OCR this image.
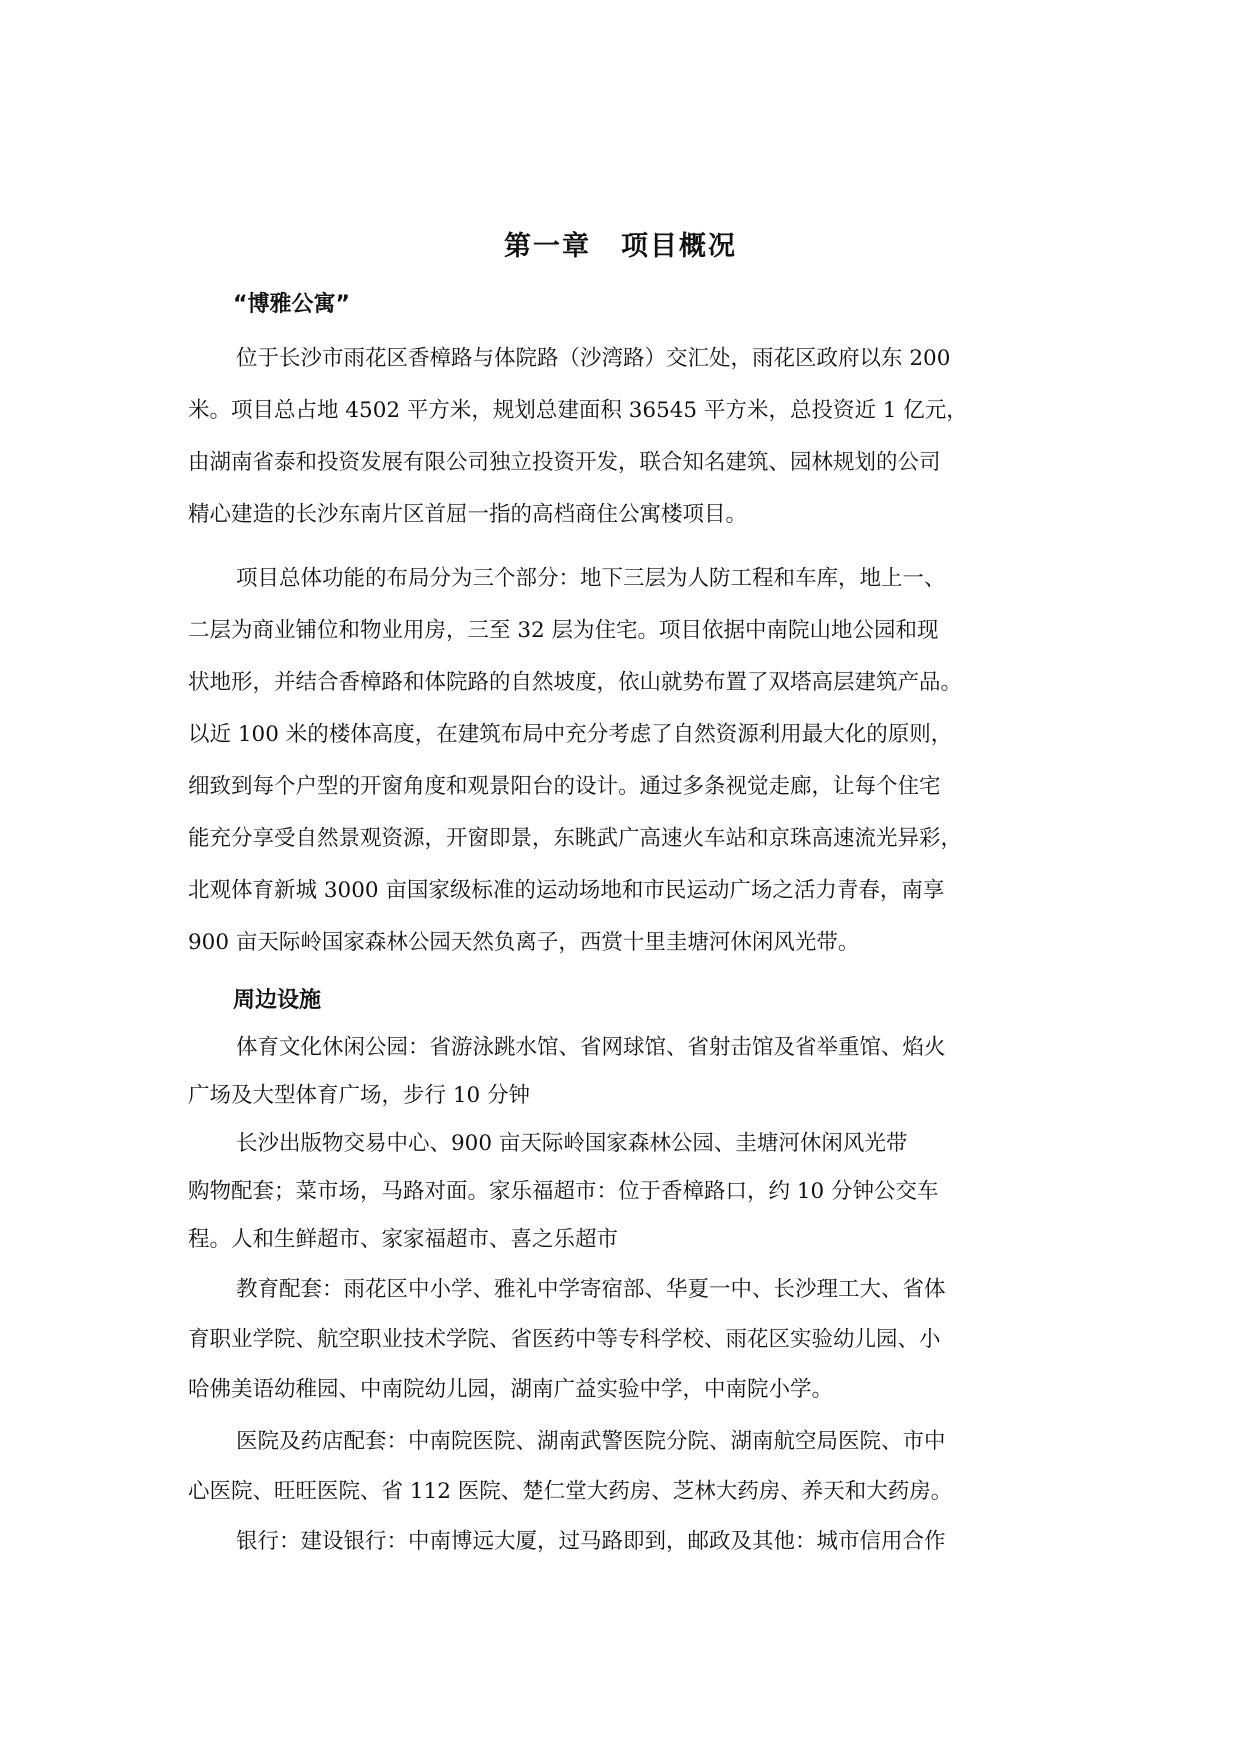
第一章 项目概况
“博雅公寓”

位于长沙市雨花区香樟路与体院路（沙湾路）交汇处，雨花区政府以东 200

米。项目总占地 4502 平方米，规划总建面积 36545 平方米，总投资近 1 亿元，

由湖南省泰和投资发展有限公司独立投资开发，联合知名建筑、园林规划的公司

精心建造的长沙东南片区首屈一指的高档商住公寓楼项目。

项目总体功能的布局分为三个部分：地下三层为人防工程和车库，地上一、

二层为商业铺位和物业用房，三至 32 层为住宅。项目依据中南院山地公园和现

状地形，并结合香樟路和体院路的自然坡度，依山就势布置了双塔高层建筑产品。

以近 100 米的楼体高度，在建筑布局中充分考虑了自然资源利用最大化的原则，

细致到每个户型的开窗角度和观景阳台的设计。通过多条视觉走廊，让每个住宅

能充分享受自然景观资源，开窗即景，东眺武广高速火车站和京珠高速流光异彩，

北观体育新城 3000 亩国家级标准的运动场地和市民运动广场之活力青春，南享

900 亩天际岭国家森林公园天然负离子，西赏十里圭塘河休闲风光带。

周边设施

体育文化休闲公园：省游泳跳水馆、省网球馆、省射击馆及省举重馆、焰火

广场及大型体育广场，步行 10 分钟

长沙出版物交易中心、900 亩天际岭国家森林公园、圭塘河休闲风光带

购物配套；菜市场，马路对面。家乐福超市：位于香樟路口，约 10 分钟公交车

程。人和生鲜超市、家家福超市、喜之乐超市

教育配套：雨花区中小学、雅礼中学寄宿部、华夏一中、长沙理工大、省体

育职业学院、航空职业技术学院、省医药中等专科学校、雨花区实验幼儿园、小

哈佛美语幼稚园、中南院幼儿园，湖南广益实验中学，中南院小学。

医院及药店配套：中南院医院、湖南武警医院分院、湖南航空局医院、市中

心医院、旺旺医院、省 112 医院、楚仁堂大药房、芝林大药房、养天和大药房。

银行：建设银行：中南博远大厦，过马路即到，邮政及其他：城市信用合作
